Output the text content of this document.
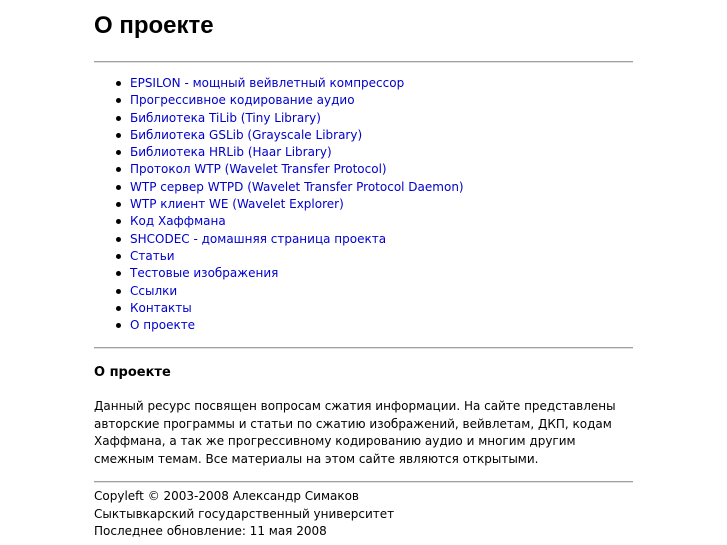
О проекте
EPSILON - мощный вейвлетный компрессор
Прогрессивное кодирование аудио
Библиотека TiLib (Tiny Library)
Библиотека GSLib (Grayscale Library)
Библиотека HRLib (Haar Library)
Протокол WTP (Wavelet Transfer Protocol)
WTP сервер WTPD (Wavelet Transfer Protocol Daemon)
WTP клиент WE (Wavelet Explorer)
Код Хаффмана
SHCODEC - домашняя страница проекта
Статьи
Тестовые изображения
Ссылки
Контакты
О проекте
О проекте

Данный ресурс посвящен вопросам сжатия информации. На сайте представлены авторские программы и статьи по сжатию изображений, вейвлетам, ДКП, кодам Хаффмана, а так же прогрессивному кодированию аудио и многим другим смежным темам. Все материалы на этом сайте являются открытыми.

Copyleft © 2003-2008 Александр Симаков
Сыктывкарский государственный университет
Последнее обновление: 11 мая 2008
